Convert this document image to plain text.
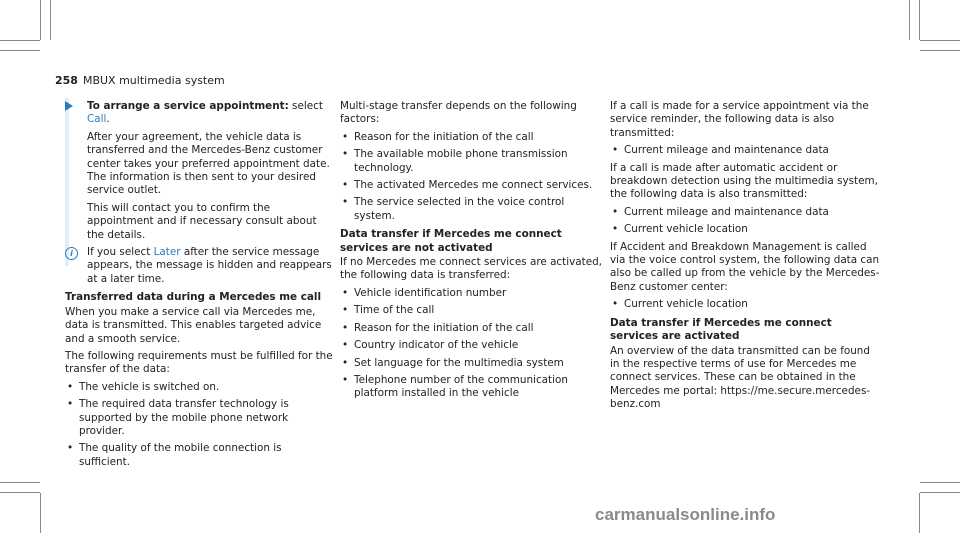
258 MBUX multimedia system

To arrange a service appointment: select Call.

After your agreement, the vehicle data is transferred and the Mercedes-Benz customer center takes your preferred appointment date. The information is then sent to your desired service outlet.

This will contact you to confirm the appointment and if necessary consult about the details.

i	If you select Later after the service message appears, the message is hidden and reappears at a later time.

Transferred data during a Mercedes me call

When you make a service call via Mercedes me, data is transmitted. This enables targeted advice and a smooth service.

The following requirements must be fulfilled for the transfer of the data:

• The vehicle is switched on.
• The required data transfer technology is supported by the mobile phone network provider.
• The quality of the mobile connection is sufficient.

Multi-stage transfer depends on the following factors:

• Reason for the initiation of the call
• The available mobile phone transmission technology.
• The activated Mercedes me connect services.
• The service selected in the voice control system.
Data transfer if Mercedes me connect services are not activated

If no Mercedes me connect services are activated, the following data is transferred:

• Vehicle identification number
• Time of the call
• Reason for the initiation of the call
• Country indicator of the vehicle
• Set language for the multimedia system
• Telephone number of the communication platform installed in the vehicle

If a call is made for a service appointment via the service reminder, the following data is also transmitted:

• Current mileage and maintenance data

If a call is made after automatic accident or breakdown detection using the multimedia system, the following data is also transmitted:

• Current mileage and maintenance data
• Current vehicle location

If Accident and Breakdown Management is called via the voice control system, the following data can also be called up from the vehicle by the Mercedes-Benz customer center:

• Current vehicle location
Data transfer if Mercedes me connect services are activated

An overview of the data transmitted can be found in the respective terms of use for Mercedes me connect services. These can be obtained in the Mercedes me portal: https://me.secure.mercedes-benz.com

carmanualsonline.info
